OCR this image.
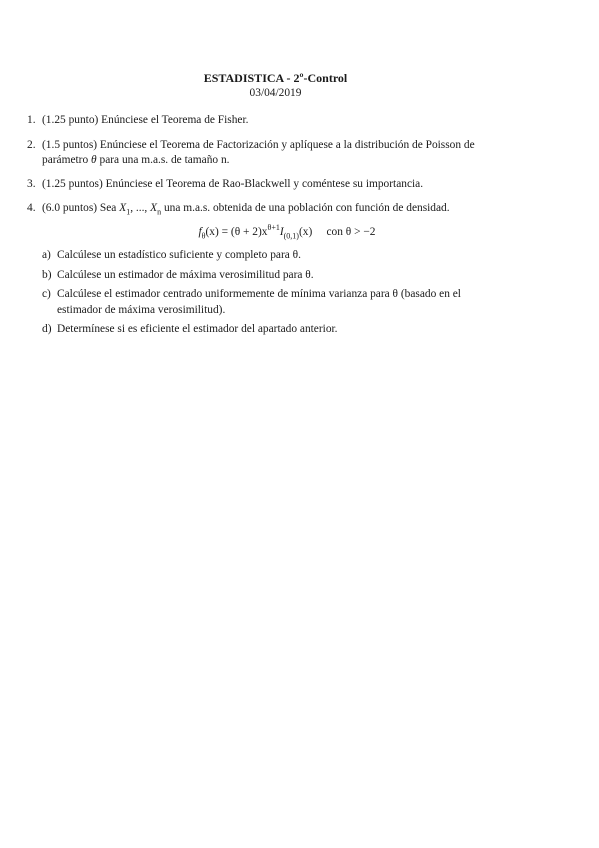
ESTADISTICA - 2º-Control
03/04/2019
1. (1.25 punto) Enúnciese el Teorema de Fisher.
2. (1.5 puntos) Enúnciese el Teorema de Factorización y aplíquese a la distribución de Poisson de
parámetro θ para una m.a.s. de tamaño n.
3. (1.25 puntos) Enúnciese el Teorema de Rao-Blackwell y coméntese su importancia.
4. (6.0 puntos) Sea $X_1$, ..., $X_n$ una m.a.s. obtenida de una población con función de densidad.
$f_\theta(x) = (\theta + 2)x^{\theta+1}I_{(0,1)}(x)$ con θ > −2
a) Calcúlese un estadístico suficiente y completo para θ.
b) Calcúlese un estimador de máxima verosimilitud para θ.
c) Calcúlese el estimador centrado uniformemente de mínima varianza para θ (basado en el
estimador de máxima verosimilitud).
d) Determínese si es eficiente el estimador del apartado anterior.
